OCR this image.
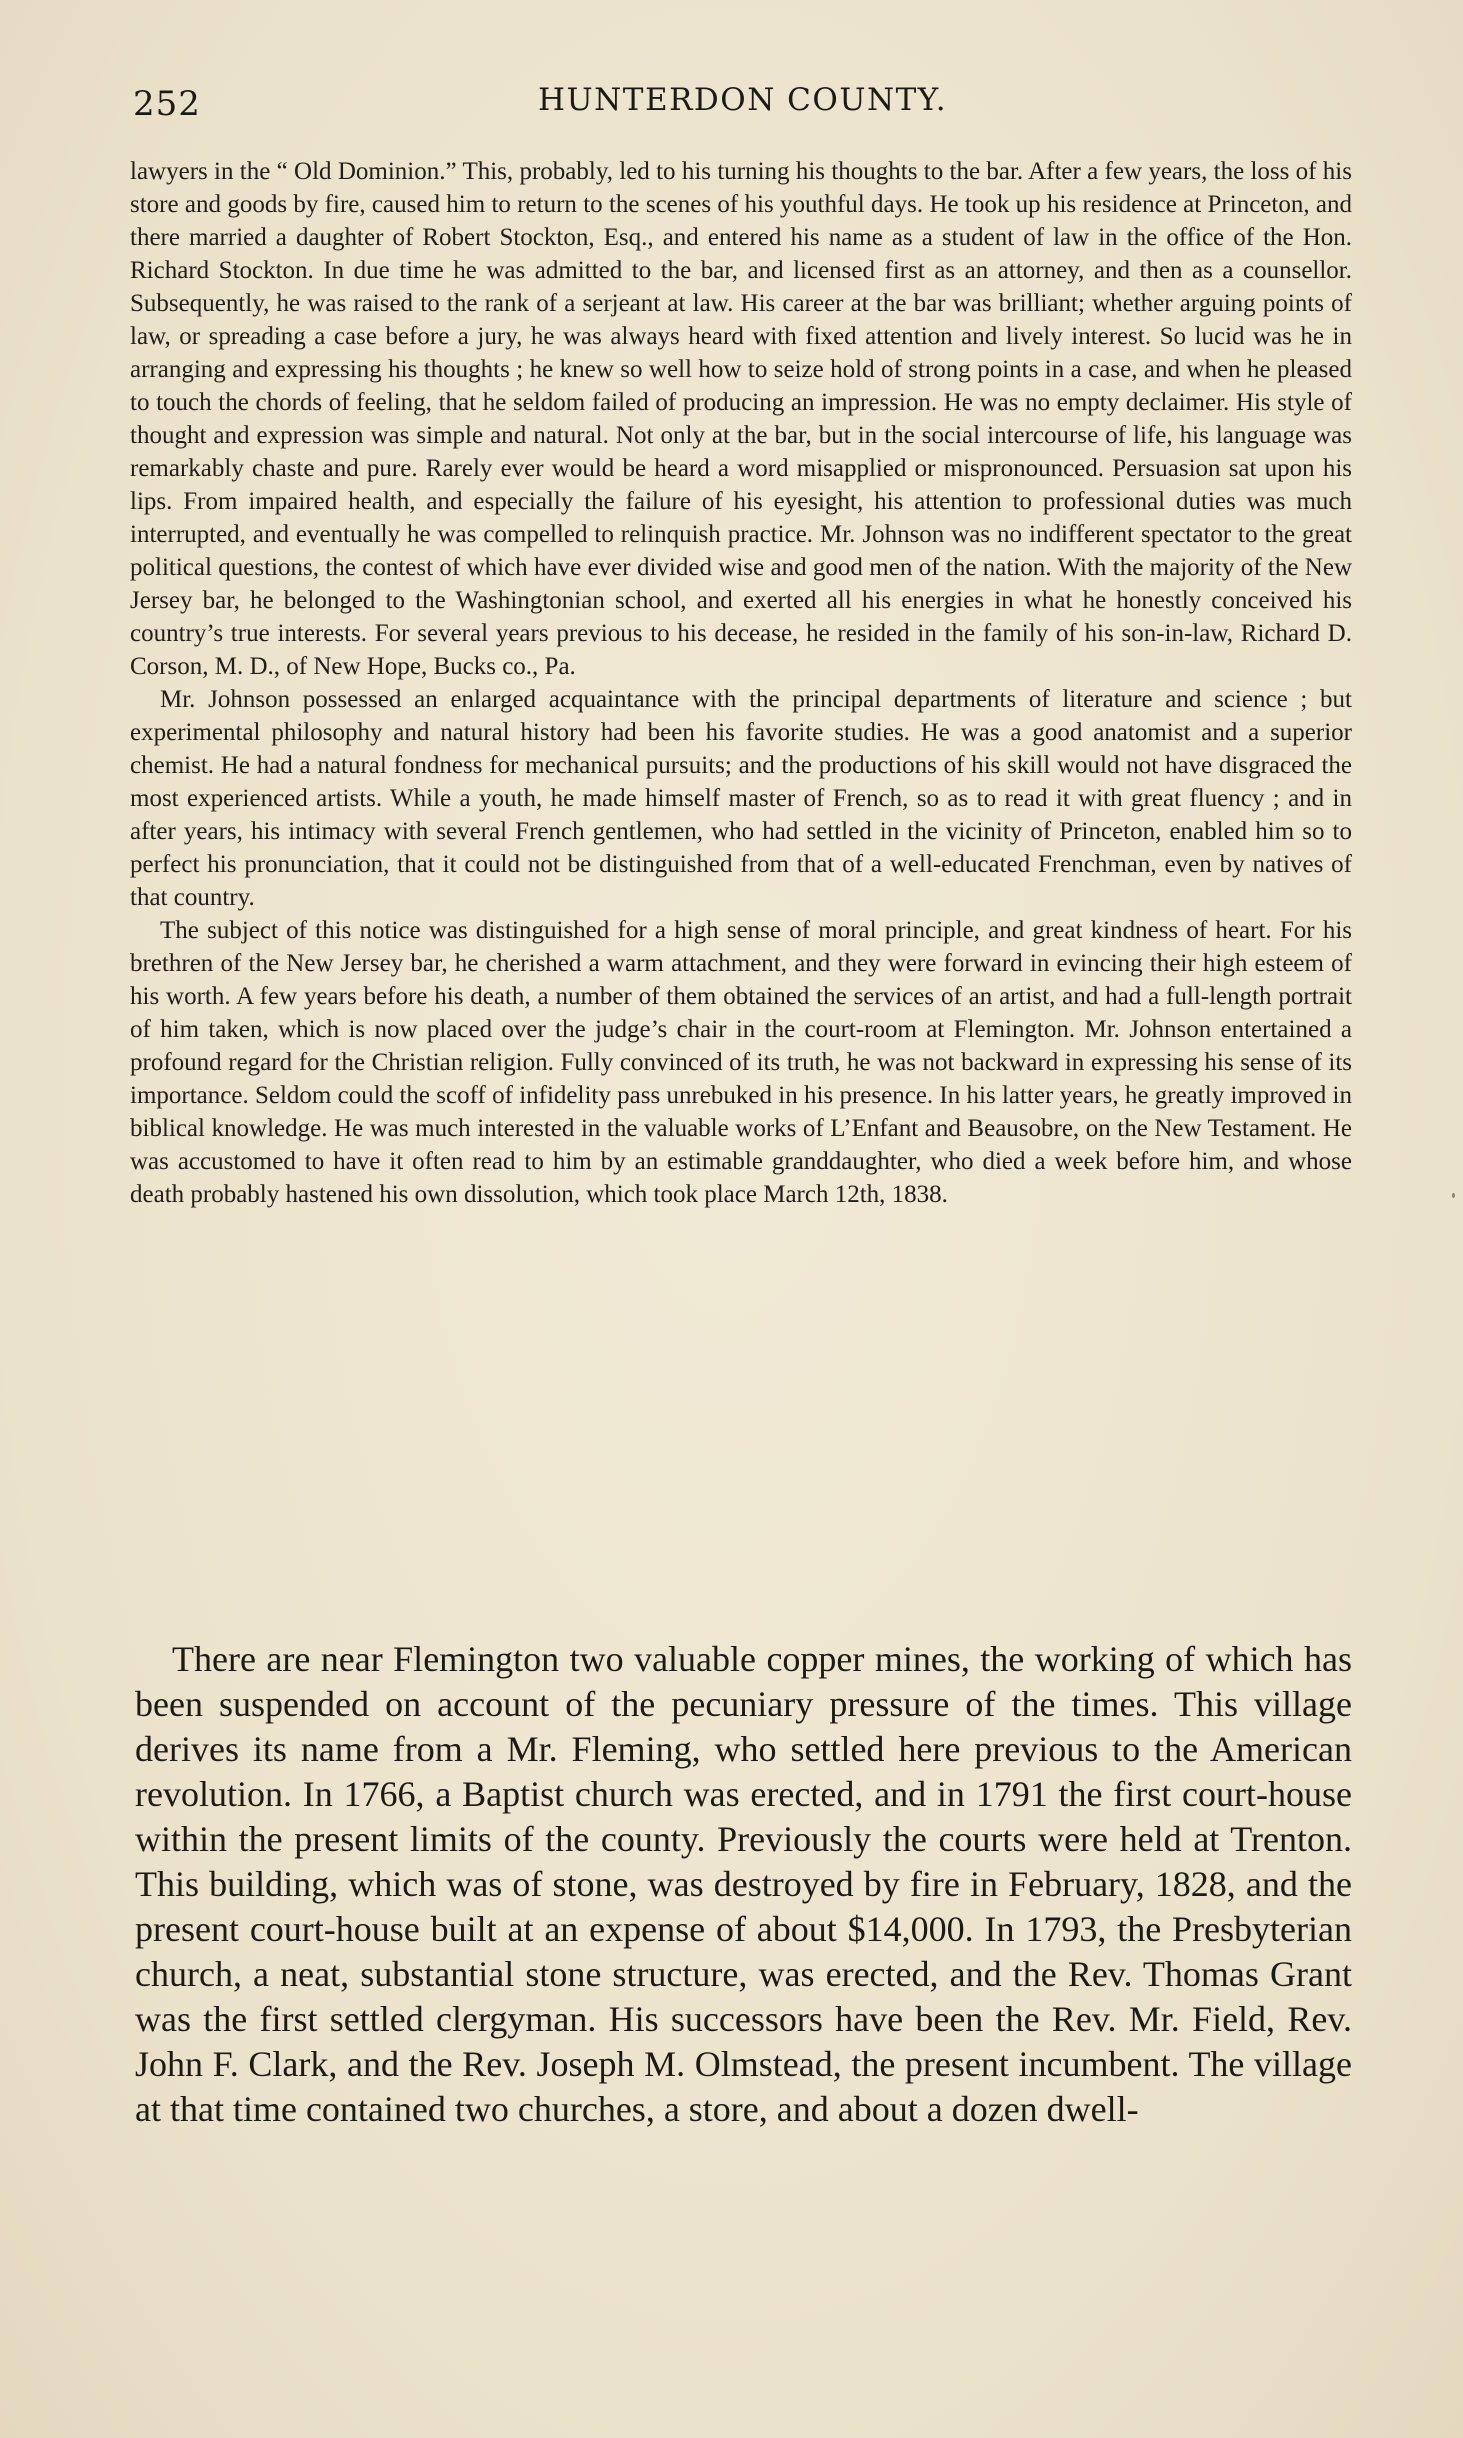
252	HUNTERDON COUNTY.

lawyers in the “ Old Dominion.” This, probably, led to his turning his thoughts to the bar. After a few years, the loss of his store and goods by fire, caused him to return to the scenes of his youthful days. He took up his residence at Princeton, and there married a daughter of Robert Stockton, Esq., and entered his name as a student of law in the office of the Hon. Richard Stockton. In due time he was admitted to the bar, and licensed first as an attorney, and then as a counsellor. Subsequently, he was raised to the rank of a serjeant at law. His career at the bar was brilliant; whether arguing points of law, or spreading a case before a jury, he was always heard with fixed attention and lively interest. So lucid was he in arranging and expressing his thoughts ; he knew so well how to seize hold of strong points in a case, and when he pleased to touch the chords of feeling, that he seldom failed of producing an impression. He was no empty declaimer. His style of thought and expression was simple and natural. Not only at the bar, but in the social intercourse of life, his language was remarkably chaste and pure. Rarely ever would be heard a word misapplied or mispronounced. Persuasion sat upon his lips. From impaired health, and especially the failure of his eyesight, his attention to professional duties was much interrupted, and eventually he was compelled to relinquish practice. Mr. Johnson was no indifferent spectator to the great political questions, the contest of which have ever divided wise and good men of the nation. With the majority of the New Jersey bar, he belonged to the Washingtonian school, and exerted all his energies in what he honestly conceived his country’s true interests. For several years previous to his decease, he resided in the family of his son-in-law, Richard D. Corson, M. D., of New Hope, Bucks co., Pa.

Mr. Johnson possessed an enlarged acquaintance with the principal departments of literature and science ; but experimental philosophy and natural history had been his favorite studies. He was a good anatomist and a superior chemist. He had a natural fondness for mechanical pursuits; and the productions of his skill would not have disgraced the most experienced artists. While a youth, he made himself master of French, so as to read it with great fluency ; and in after years, his intimacy with several French gentlemen, who had settled in the vicinity of Princeton, enabled him so to perfect his pronunciation, that it could not be distinguished from that of a well-educated Frenchman, even by natives of that country.

The subject of this notice was distinguished for a high sense of moral principle, and great kindness of heart. For his brethren of the New Jersey bar, he cherished a warm attachment, and they were forward in evincing their high esteem of his worth. A few years before his death, a number of them obtained the services of an artist, and had a full-length portrait of him taken, which is now placed over the judge’s chair in the court-room at Flemington. Mr. Johnson entertained a profound regard for the Christian religion. Fully convinced of its truth, he was not backward in expressing his sense of its importance. Seldom could the scoff of infidelity pass unrebuked in his presence. In his latter years, he greatly improved in biblical knowledge. He was much interested in the valuable works of L’Enfant and Beausobre, on the New Testament. He was accustomed to have it often read to him by an estimable granddaughter, who died a week before him, and whose death probably hastened his own dissolution, which took place March 12th, 1838.

There are near Flemington two valuable copper mines, the working of which has been suspended on account of the pecuniary pressure of the times. This village derives its name from a Mr. Fleming, who settled here previous to the American revolution. In 1766, a Baptist church was erected, and in 1791 the first court-house within the present limits of the county. Previously the courts were held at Trenton. This building, which was of stone, was destroyed by fire in February, 1828, and the present court-house built at an expense of about $14,000. In 1793, the Presbyterian church, a neat, substantial stone structure, was erected, and the Rev. Thomas Grant was the first settled clergyman. His successors have been the Rev. Mr. Field, Rev. John F. Clark, and the Rev. Joseph M. Olmstead, the present incumbent. The village at that time contained two churches, a store, and about a dozen dwell-
